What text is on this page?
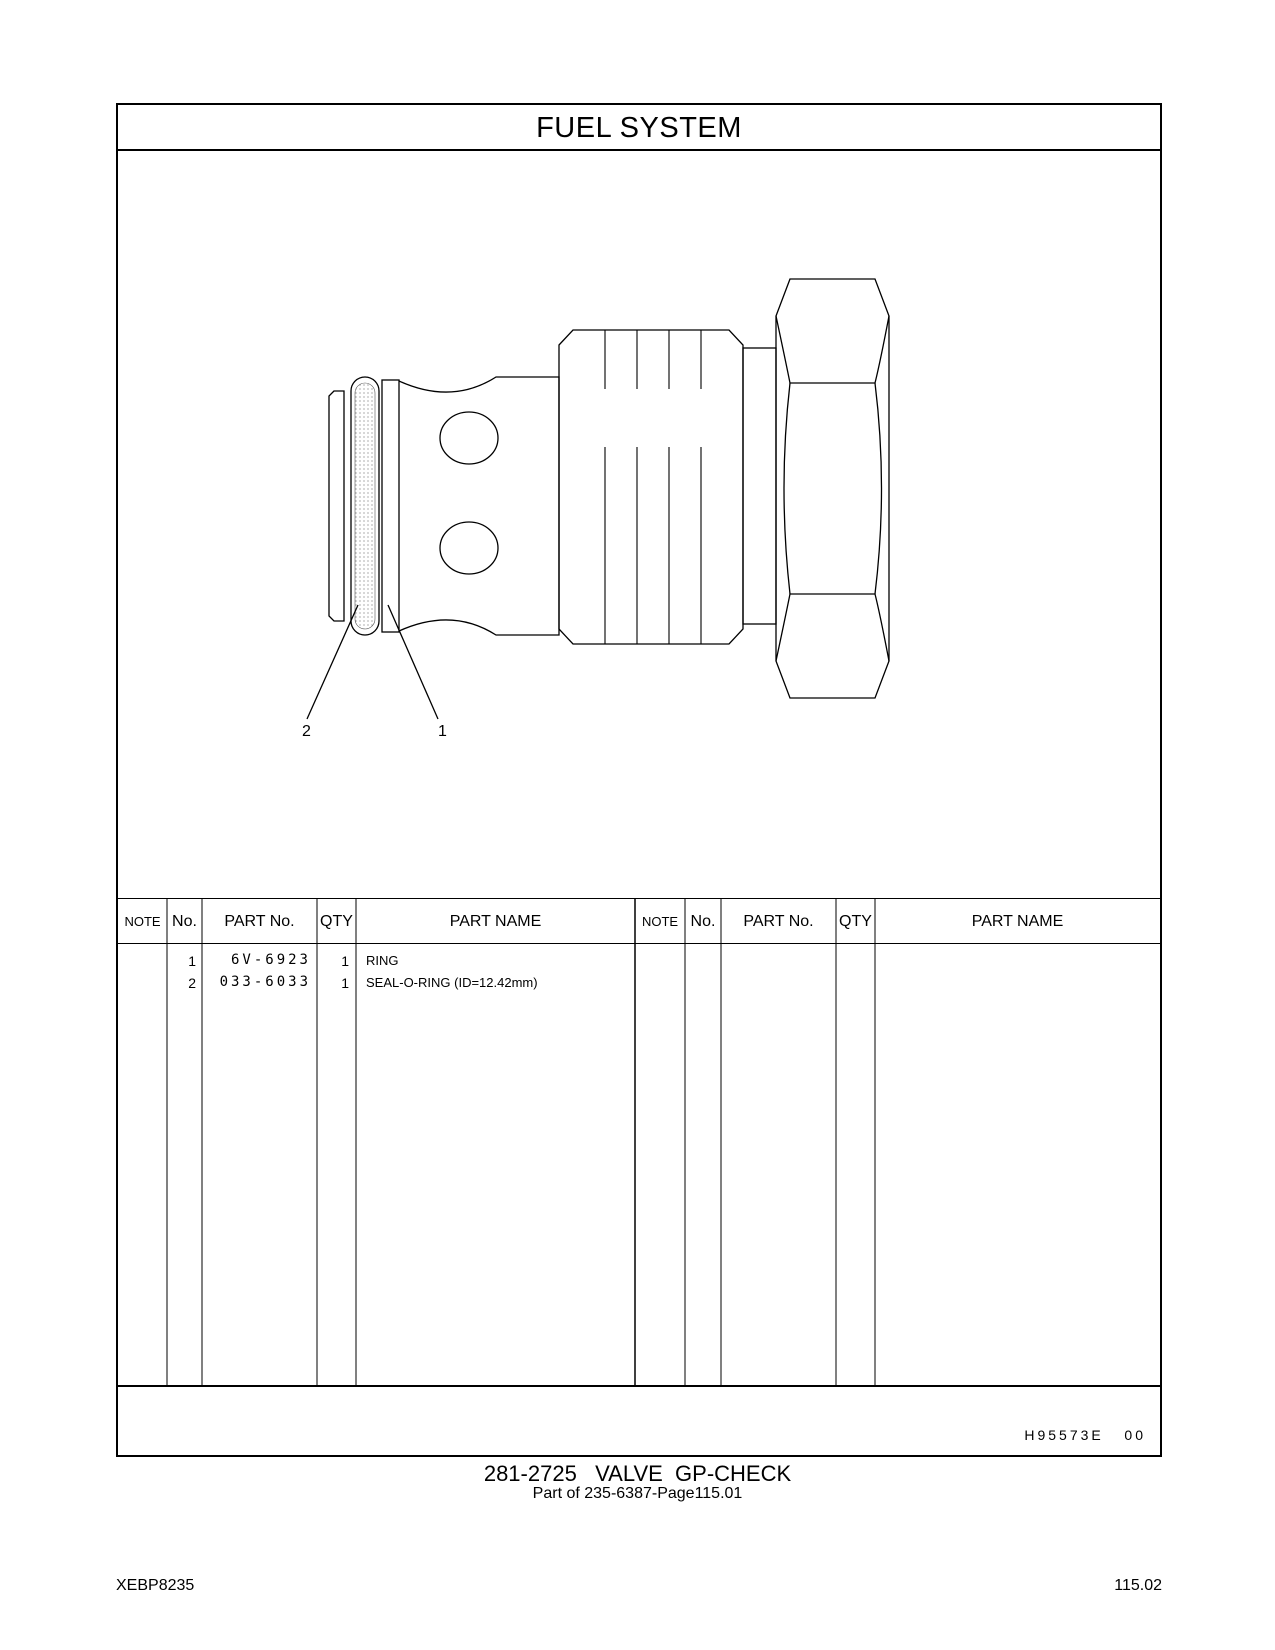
FUEL SYSTEM
2	1
NOTE No.	PART No.	QTY	PART NAME	NOTE No.	PART No.	QTY	PART NAME
1	6V-6923	1 RING
2	033-6033	1 SEAL-O-RING (ID=12.42mm)
H95573E   00
281-2725   VALVE  GP-CHECK
Part of 235-6387-Page115.01
XEBP8235	115.02
